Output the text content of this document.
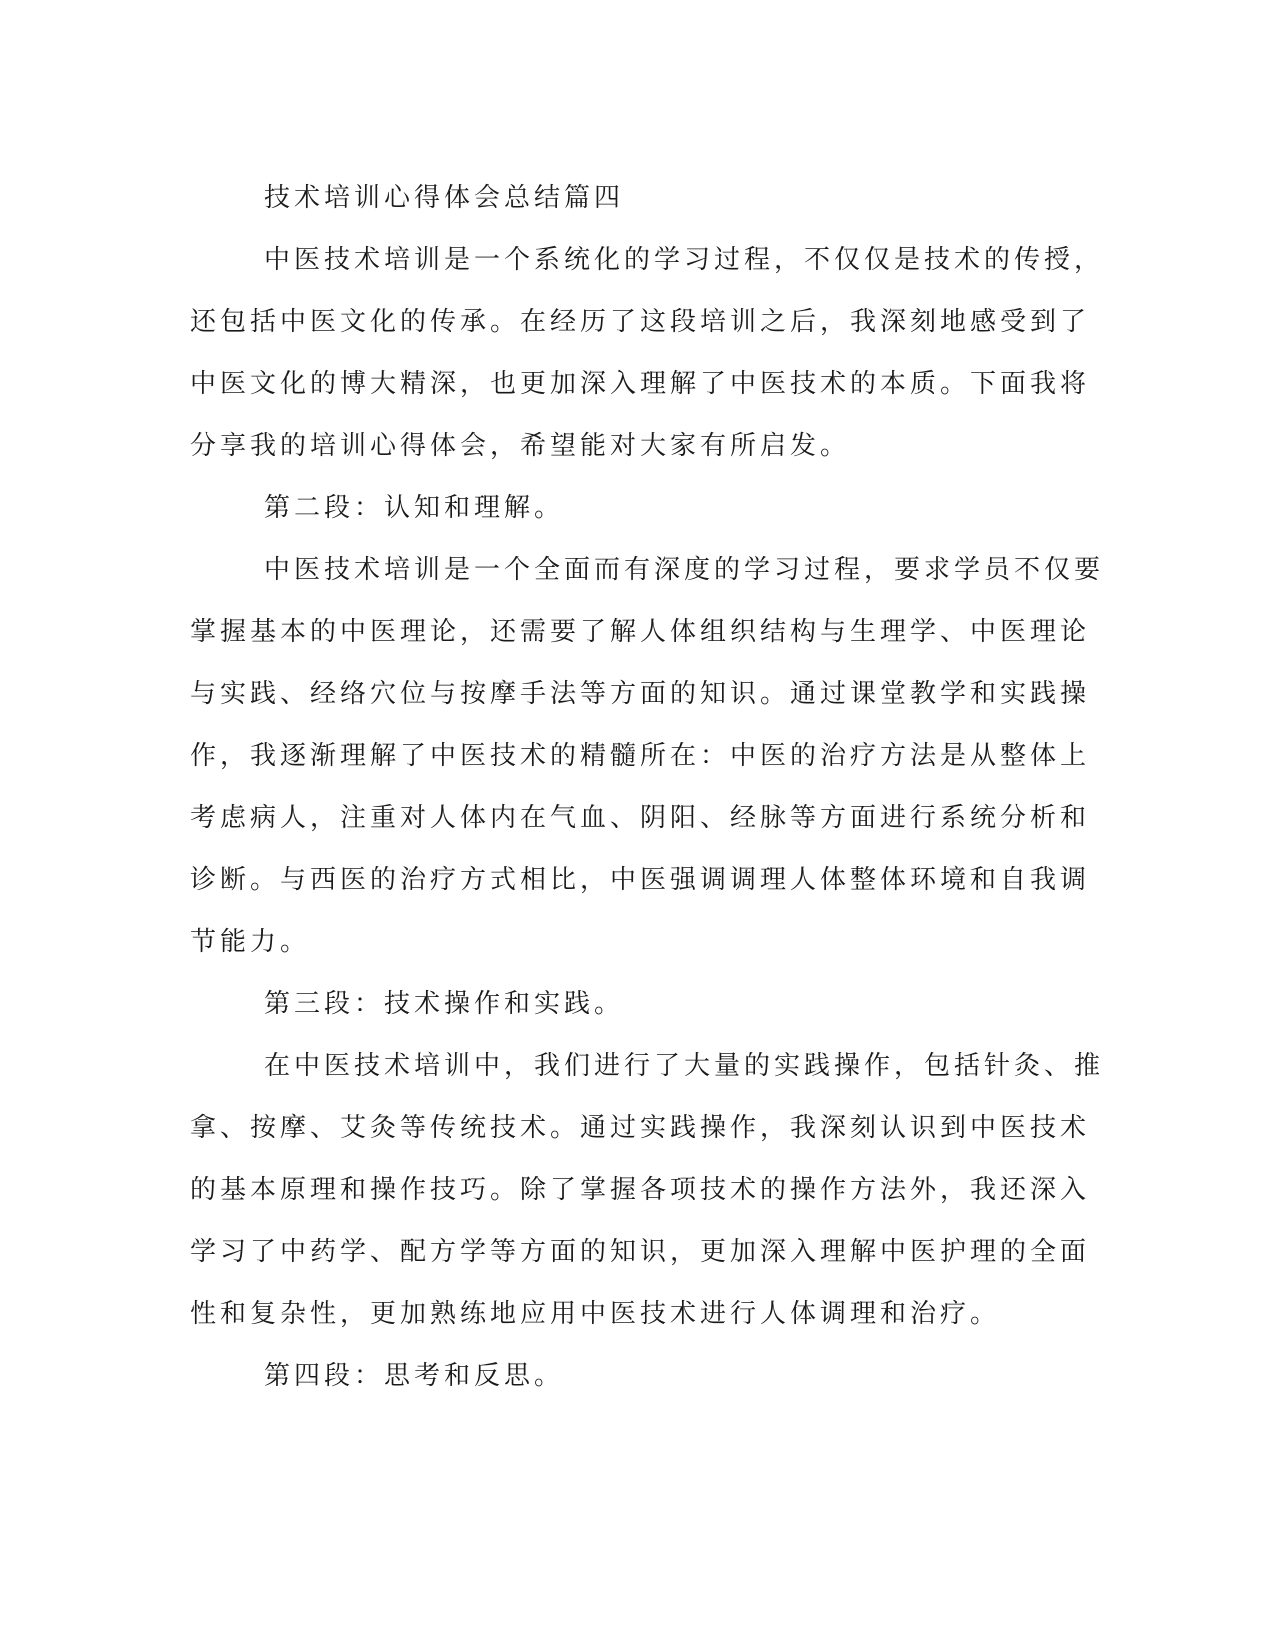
技术培训心得体会总结篇四
中医技术培训是一个系统化的学习过程，不仅仅是技术的传授，
还包括中医文化的传承。在经历了这段培训之后，我深刻地感受到了
中医文化的博大精深，也更加深入理解了中医技术的本质。下面我将
分享我的培训心得体会，希望能对大家有所启发。
第二段：认知和理解。
中医技术培训是一个全面而有深度的学习过程，要求学员不仅要
掌握基本的中医理论，还需要了解人体组织结构与生理学、中医理论
与实践、经络穴位与按摩手法等方面的知识。通过课堂教学和实践操
作，我逐渐理解了中医技术的精髓所在：中医的治疗方法是从整体上
考虑病人，注重对人体内在气血、阴阳、经脉等方面进行系统分析和
诊断。与西医的治疗方式相比，中医强调调理人体整体环境和自我调
节能力。
第三段：技术操作和实践。
在中医技术培训中，我们进行了大量的实践操作，包括针灸、推
拿、按摩、艾灸等传统技术。通过实践操作，我深刻认识到中医技术
的基本原理和操作技巧。除了掌握各项技术的操作方法外，我还深入
学习了中药学、配方学等方面的知识，更加深入理解中医护理的全面
性和复杂性，更加熟练地应用中医技术进行人体调理和治疗。
第四段：思考和反思。
